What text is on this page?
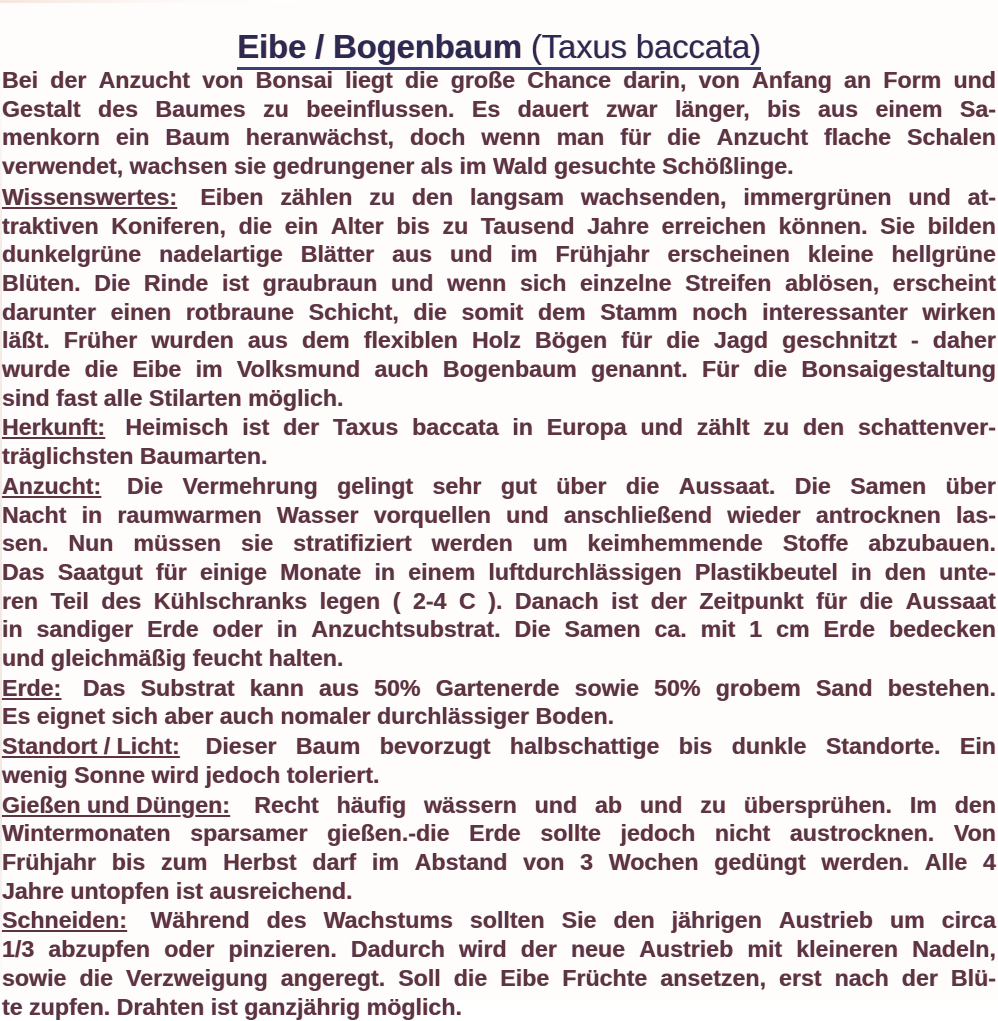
Eibe / Bogenbaum (Taxus baccata)

Bei der Anzucht von Bonsai liegt die große Chance darin, von Anfang an Form und
Gestalt des Baumes zu beeinflussen. Es dauert zwar länger, bis aus einem Sa-
menkorn ein Baum heranwächst, doch wenn man für die Anzucht flache Schalen
verwendet, wachsen sie gedrungener als im Wald gesuchte Schößlinge.

Wissenswertes:
Eiben zählen zu den langsam wachsenden, immergrünen und at-
traktiven Koniferen, die ein Alter bis zu Tausend Jahre erreichen können. Sie bilden
dunkelgrüne nadelartige Blätter aus und im Frühjahr erscheinen kleine hellgrüne
Blüten. Die Rinde ist graubraun und wenn sich einzelne Streifen ablösen, erscheint
darunter einen rotbraune Schicht, die somit dem Stamm noch interessanter wirken
läßt. Früher wurden aus dem flexiblen Holz Bögen für die Jagd geschnitzt - daher
wurde die Eibe im Volksmund auch Bogenbaum genannt. Für die Bonsaigestaltung
sind fast alle Stilarten möglich.

Herkunft:
Heimisch ist der Taxus baccata in Europa und zählt zu den schattenver-
träglichsten Baumarten.

Anzucht:
Die Vermehrung gelingt sehr gut über die Aussaat. Die Samen über
Nacht in raumwarmen Wasser vorquellen und anschließend wieder antrocknen las-
sen. Nun müssen sie stratifiziert werden um keimhemmende Stoffe abzubauen.
Das Saatgut für einige Monate in einem luftdurchlässigen Plastikbeutel in den unte-
ren Teil des Kühlschranks legen ( 2-4 C ). Danach ist der Zeitpunkt für die Aussaat
in sandiger Erde oder in Anzuchtsubstrat. Die Samen ca. mit 1 cm Erde bedecken
und gleichmäßig feucht halten.

Erde:
Das Substrat kann aus 50% Gartenerde sowie 50% grobem Sand bestehen.
Es eignet sich aber auch nomaler durchlässiger Boden.

Standort / Licht:
Dieser Baum bevorzugt halbschattige bis dunkle Standorte. Ein
wenig Sonne wird jedoch toleriert.

Gießen und Düngen:
Recht häufig wässern und ab und zu übersprühen. Im den
Wintermonaten sparsamer gießen.-die Erde sollte jedoch nicht austrocknen. Von
Frühjahr bis zum Herbst darf im Abstand von 3 Wochen gedüngt werden. Alle 4
Jahre untopfen ist ausreichend.

Schneiden:
Während des Wachstums sollten Sie den jährigen Austrieb um circa
1/3 abzupfen oder pinzieren. Dadurch wird der neue Austrieb mit kleineren Nadeln,
sowie die Verzweigung angeregt. Soll die Eibe Früchte ansetzen, erst nach der Blü-
te zupfen. Drahten ist ganzjährig möglich.
